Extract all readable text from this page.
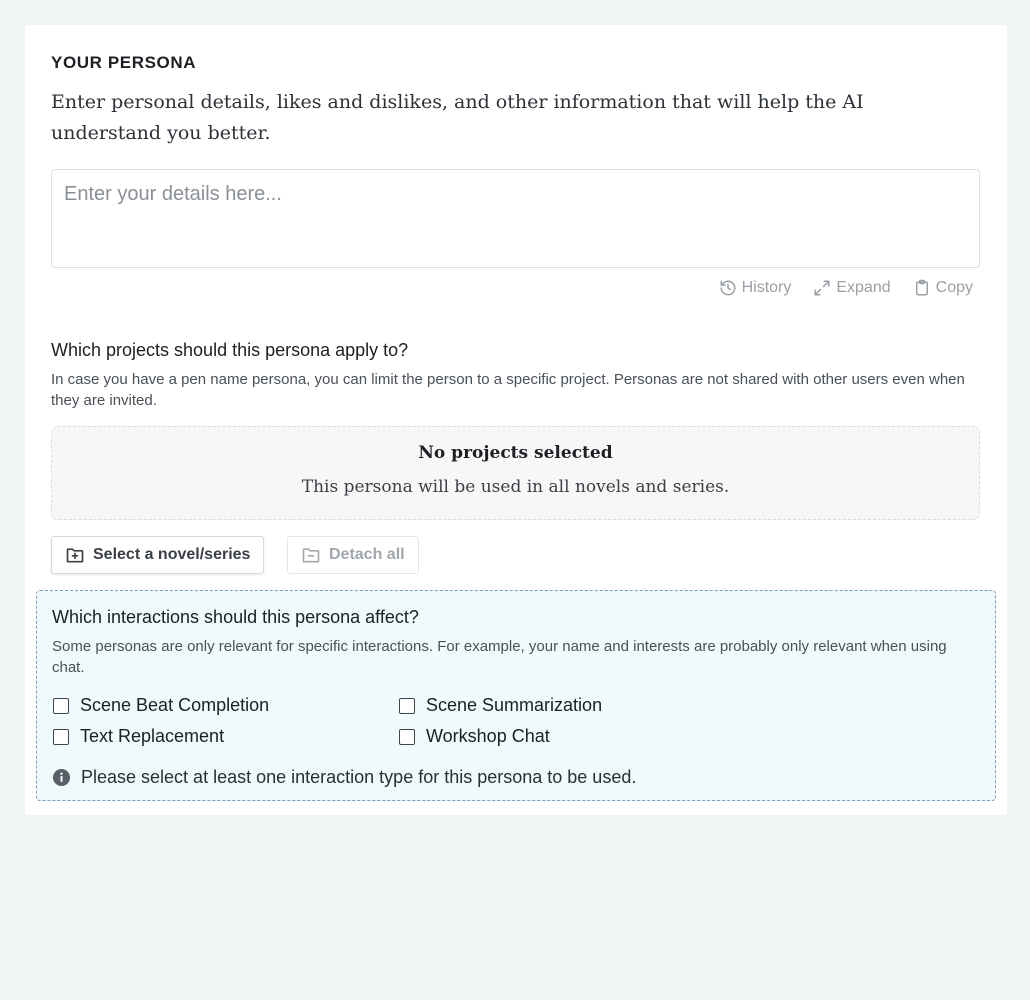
YOUR PERSONA
Enter personal details, likes and dislikes, and other information that will help the AI understand you better.
Enter your details here...
History	Expand	Copy
Which projects should this persona apply to?
In case you have a pen name persona, you can limit the person to a specific project. Personas are not shared with other users even when they are invited.
No projects selected
This persona will be used in all novels and series.
Select a novel/series	Detach all
Which interactions should this persona affect?
Some personas are only relevant for specific interactions. For example, your name and interests are probably only relevant when using chat.
Scene Beat Completion	Scene Summarization
Text Replacement	Workshop Chat
Please select at least one interaction type for this persona to be used.
